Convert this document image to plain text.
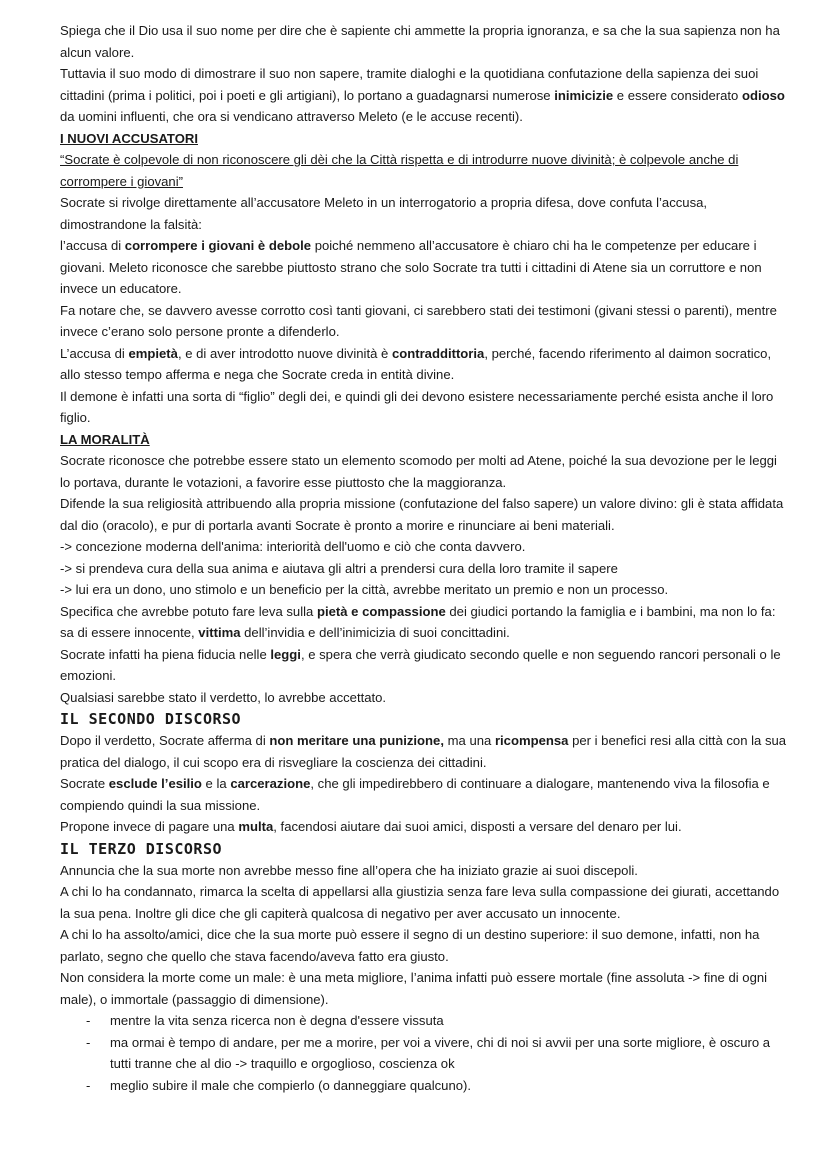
Spiega che il Dio usa il suo nome per dire che è sapiente chi ammette la propria ignoranza, e sa che la sua sapienza non ha alcun valore.

Tuttavia il suo modo di dimostrare il suo non sapere, tramite dialoghi e la quotidiana confutazione della sapienza dei suoi cittadini (prima i politici, poi i poeti e gli artigiani), lo portano a guadagnarsi numerose inimicizie e essere considerato odioso da uomini influenti, che ora si vendicano attraverso Meleto (e le accuse recenti).

I NUOVI ACCUSATORI

“Socrate è colpevole di non riconoscere gli dèi che la Città rispetta e di introdurre nuove divinità; è colpevole anche di corrompere i giovani”

Socrate si rivolge direttamente all’accusatore Meleto in un interrogatorio a propria difesa, dove confuta l’accusa, dimostrandone la falsità:

l’accusa di corrompere i giovani è debole poiché nemmeno all’accusatore è chiaro chi ha le competenze per educare i giovani. Meleto riconosce che sarebbe piuttosto strano che solo Socrate tra tutti i cittadini di Atene sia un corruttore e non invece un educatore.

Fa notare che, se davvero avesse corrotto così tanti giovani, ci sarebbero stati dei testimoni (givani stessi o parenti), mentre invece c’erano solo persone pronte a difenderlo.

L’accusa di empietà, e di aver introdotto nuove divinità è contraddittoria, perché, facendo riferimento al daimon socratico, allo stesso tempo afferma e nega che Socrate creda in entità divine.

Il demone è infatti una sorta di “figlio” degli dei, e quindi gli dei devono esistere necessariamente perché esista anche il loro figlio.

LA MORALITÀ

Socrate riconosce che potrebbe essere stato un elemento scomodo per molti ad Atene, poiché la sua devozione per le leggi lo portava, durante le votazioni, a favorire esse piuttosto che la maggioranza.

Difende la sua religiosità attribuendo alla propria missione (confutazione del falso sapere) un valore divino: gli è stata affidata dal dio (oracolo), e pur di portarla avanti Socrate è pronto a morire e rinunciare ai beni materiali.

-> concezione moderna dell'anima: interiorità dell'uomo e ciò che conta davvero.

-> si prendeva cura della sua anima e aiutava gli altri a prendersi cura della loro tramite il sapere

-> lui era un dono, uno stimolo e un beneficio per la città, avrebbe meritato un premio e non un processo.

Specifica che avrebbe potuto fare leva sulla pietà e compassione dei giudici portando la famiglia e i bambini, ma non lo fa: sa di essere innocente, vittima dell’invidia e dell’inimicizia di suoi concittadini.

Socrate infatti ha piena fiducia nelle leggi, e spera che verrà giudicato secondo quelle e non seguendo rancori personali o le emozioni.

Qualsiasi sarebbe stato il verdetto, lo avrebbe accettato.

IL SECONDO DISCORSO

Dopo il verdetto, Socrate afferma di non meritare una punizione, ma una ricompensa per i benefici resi alla città con la sua pratica del dialogo, il cui scopo era di risvegliare la coscienza dei cittadini.

Socrate esclude l’esilio e la carcerazione, che gli impedirebbero di continuare a dialogare, mantenendo viva la filosofia e compiendo quindi la sua missione.

Propone invece di pagare una multa, facendosi aiutare dai suoi amici, disposti a versare del denaro per lui.

IL TERZO DISCORSO

Annuncia che la sua morte non avrebbe messo fine all’opera che ha iniziato grazie ai suoi discepoli.

A chi lo ha condannato, rimarca la scelta di appellarsi alla giustizia senza fare leva sulla compassione dei giurati, accettando la sua pena. Inoltre gli dice che gli capiterà qualcosa di negativo per aver accusato un innocente.

A chi lo ha assolto/amici, dice che la sua morte può essere il segno di un destino superiore: il suo demone, infatti, non ha parlato, segno che quello che stava facendo/aveva fatto era giusto.

Non considera la morte come un male: è una meta migliore, l’anima infatti può essere mortale (fine assoluta -> fine di ogni male), o immortale (passaggio di dimensione).

- mentre la vita senza ricerca non è degna d'essere vissuta
- ma ormai è tempo di andare, per me a morire, per voi a vivere, chi di noi si avvii per una sorte migliore, è oscuro a tutti tranne che al dio -> traquillo e orgoglioso, coscienza ok
- meglio subire il male che compierlo (o danneggiare qualcuno).
